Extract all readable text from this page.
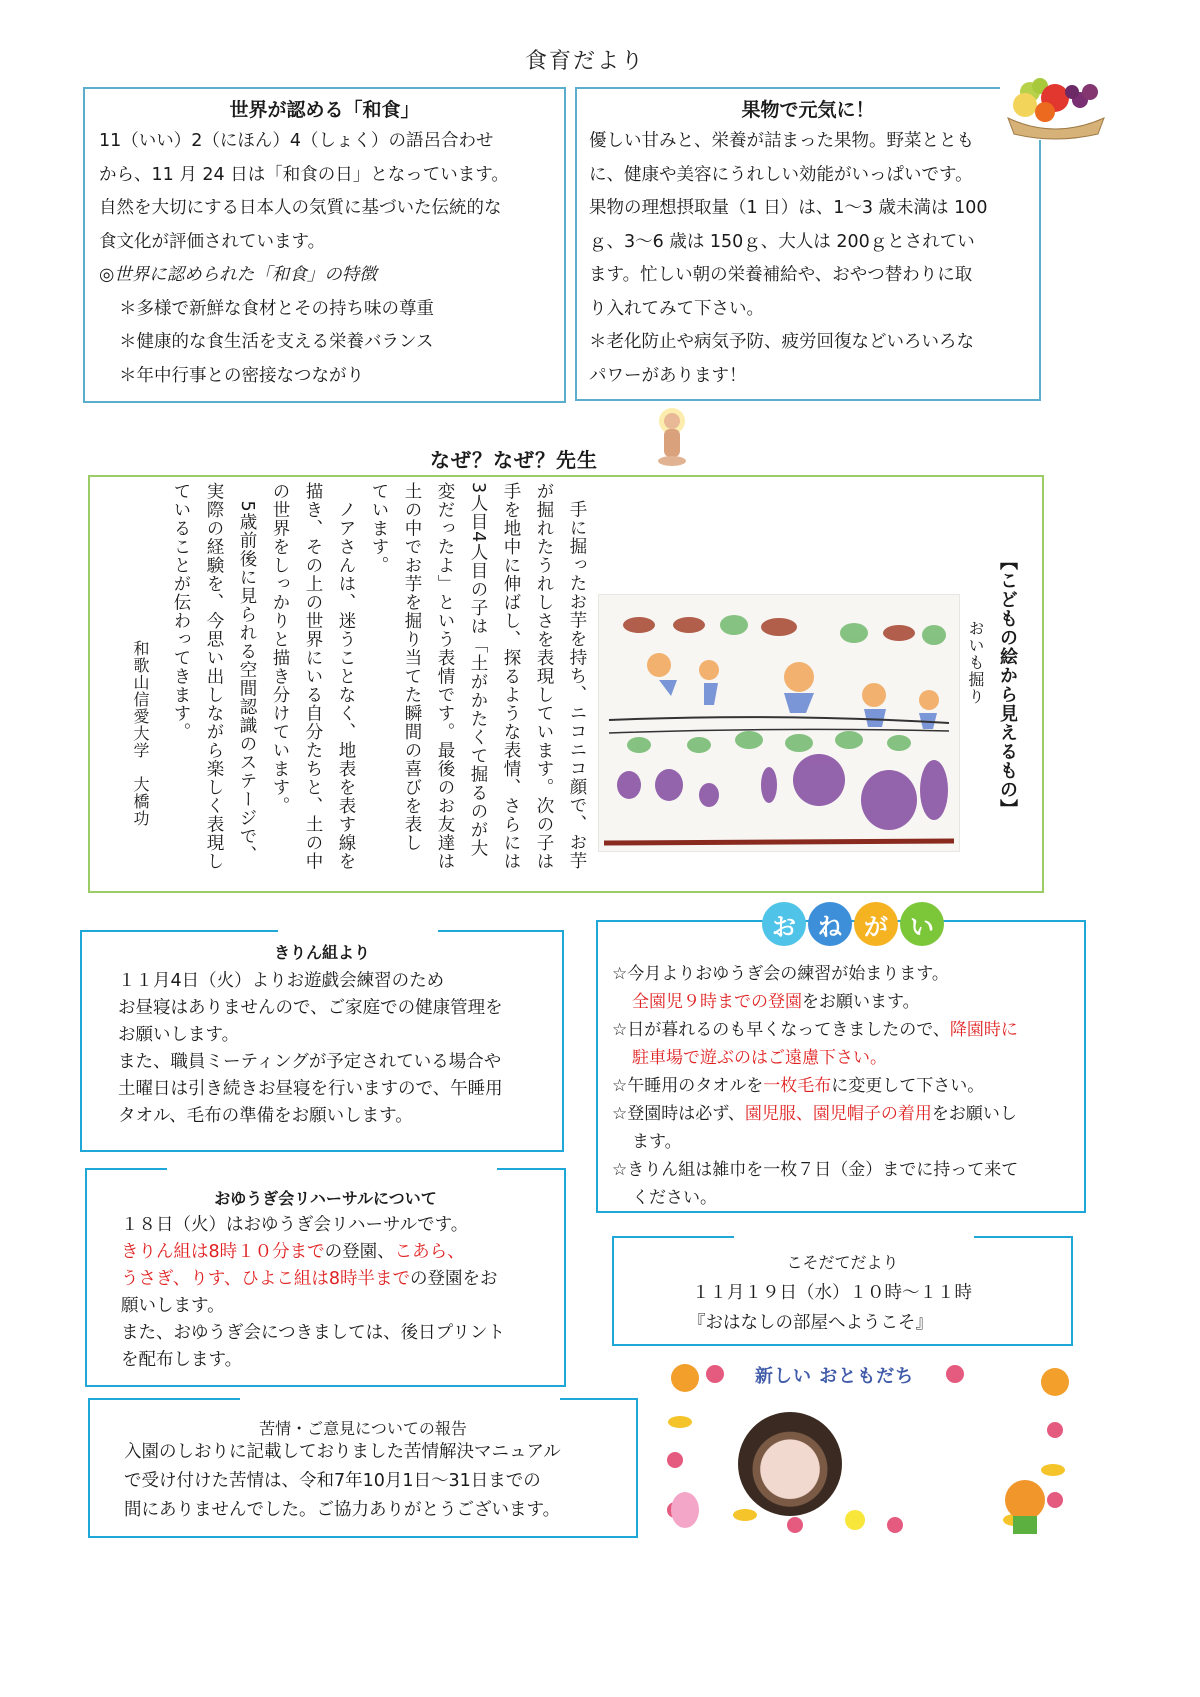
食育だより
世界が認める「和食」

11（いい）2（にほん）4（しょく）の語呂合わせ

から、11 月 24 日は「和食の日」となっています。

自然を大切にする日本人の気質に基づいた伝統的な

食文化が評価されています。

◎世界に認められた「和食」の特徴

＊多様で新鮮な食材とその持ち味の尊重

＊健康的な食生活を支える栄養バランス

＊年中行事との密接なつながり

果物で元気に！

優しい甘みと、栄養が詰まった果物。野菜ととも

に、健康や美容にうれしい効能がいっぱいです。

果物の理想摂取量（1 日）は、1～3 歳未満は 100

ｇ、3～6 歳は 150ｇ、大人は 200ｇとされてい

ます。忙しい朝の栄養補給や、おやつ替わりに取

り入れてみて下さい。

＊老化防止や病気予防、疲労回復などいろいろな

パワーがあります！

なぜ？なぜ？先生
【こどもの絵から見えるもの】
おいも掘り
手に掘ったお芋を持ち、ニコニコ顔で、お芋
が掘れたうれしさを表現しています。次の子は
手を地中に伸ばし、探るような表情、さらには
3人目4人目の子は「土がかたくて掘るのが大
変だったよ」という表情です。最後のお友達は
土の中でお芋を掘り当てた瞬間の喜びを表し
ています。
　ノアさんは、迷うことなく、地表を表す線を
描き、その上の世界にいる自分たちと、土の中
の世界をしっかりと描き分けています。
　5歳前後に見られる空間認識のステージで、
実際の経験を、今思い出しながら楽しく表現し
ていることが伝わってきます。
和歌山信愛大学　大橋功
きりん組より
１１月4日（火）よりお遊戯会練習のため
お昼寝はありませんので、ご家庭での健康管理を
お願いします。
また、職員ミーティングが予定されている場合や
土曜日は引き続きお昼寝を行いますので、午睡用
タオル、毛布の準備をお願いします。
おゆうぎ会リハーサルについて
１８日（火）はおゆうぎ会リハーサルです。
きりん組は8時１０分までの登園、こあら、
うさぎ、りす、ひよこ組は8時半までの登園をお
願いします。
また、おゆうぎ会につきましては、後日プリント
を配布します。
苦情・ご意見についての報告
入園のしおりに記載しておりました苦情解決マニュアル
で受け付けた苦情は、令和7年10月1日～31日までの
間にありませんでした。ご協力ありがとうございます。
☆今月よりおゆうぎ会の練習が始まります。
全園児９時までの登園をお願います。
☆日が暮れるのも早くなってきましたので、降園時に
駐車場で遊ぶのはご遠慮下さい。
☆午睡用のタオルを一枚毛布に変更して下さい。
☆登園時は必ず、園児服、園児帽子の着用をお願いし
ます。
☆きりん組は雑巾を一枚７日（金）までに持って来て
ください。
お ね が い
こそだてだより
１１月１９日（水）１０時～１１時
『おはなしの部屋へようこそ』
新しい おともだち
